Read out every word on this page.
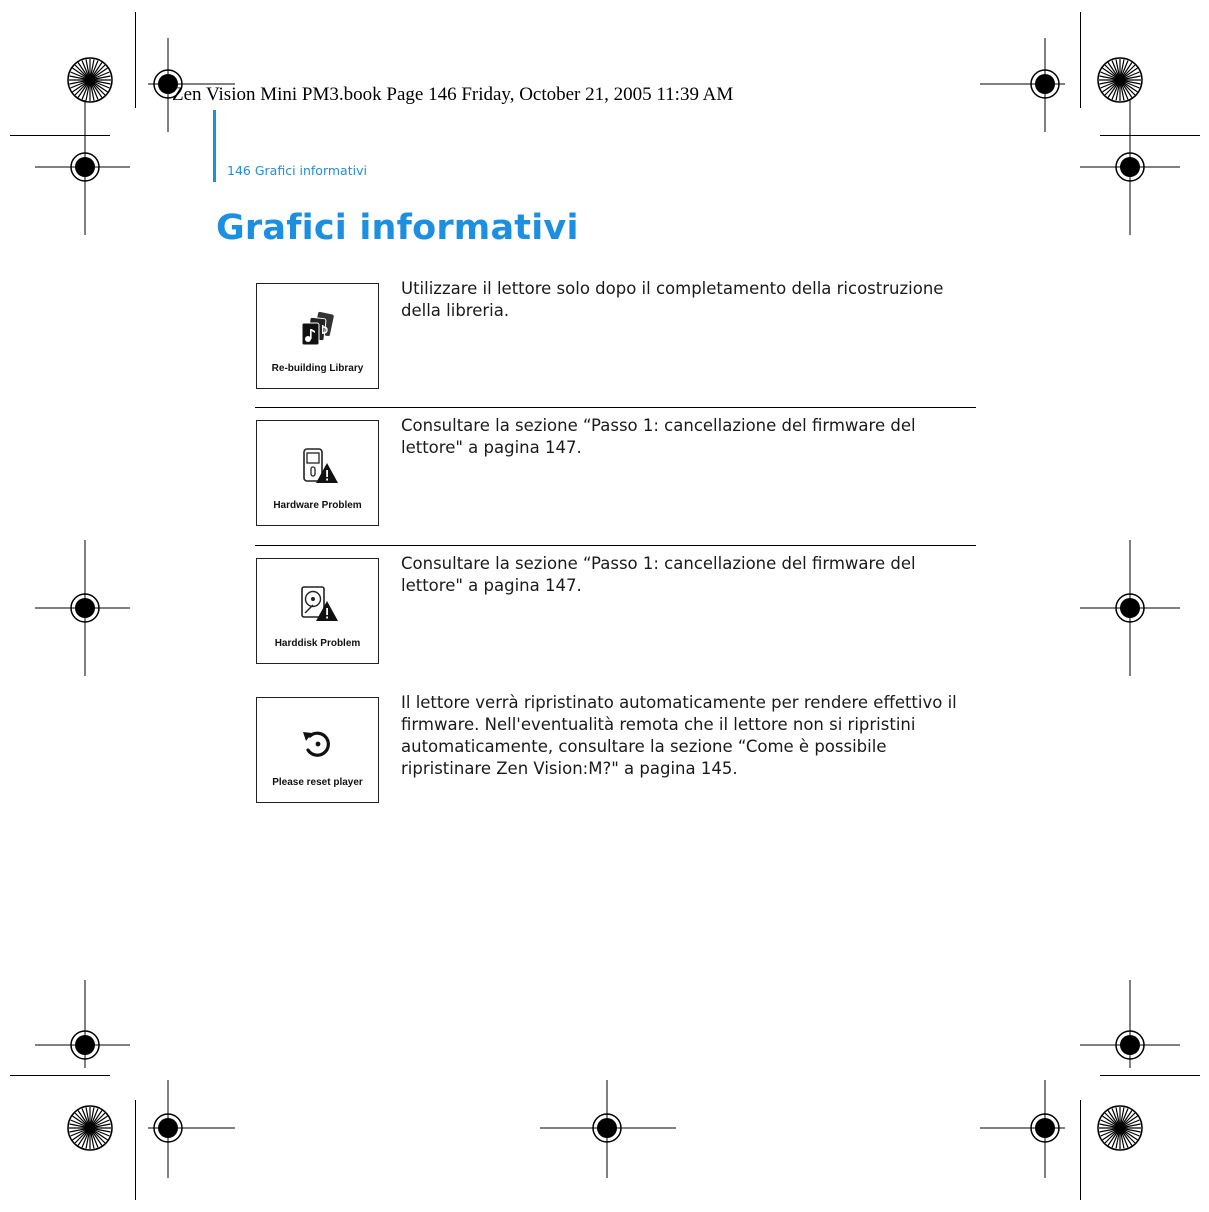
Zen Vision Mini PM3.book Page 146 Friday, October 21, 2005 11:39 AM
146 Grafici informativi
Grafici informativi
Re-building Library
Utilizzare il lettore solo dopo il completamento della ricostruzione della libreria.
Hardware Problem
Consultare la sezione “Passo 1: cancellazione del firmware del lettore" a pagina 147.
Harddisk Problem
Consultare la sezione “Passo 1: cancellazione del firmware del lettore" a pagina 147.
Please reset player
Il lettore verrà ripristinato automaticamente per rendere effettivo il firmware. Nell'eventualità remota che il lettore non si ripristini automaticamente, consultare la sezione “Come è possibile ripristinare Zen Vision:M?" a pagina 145.
